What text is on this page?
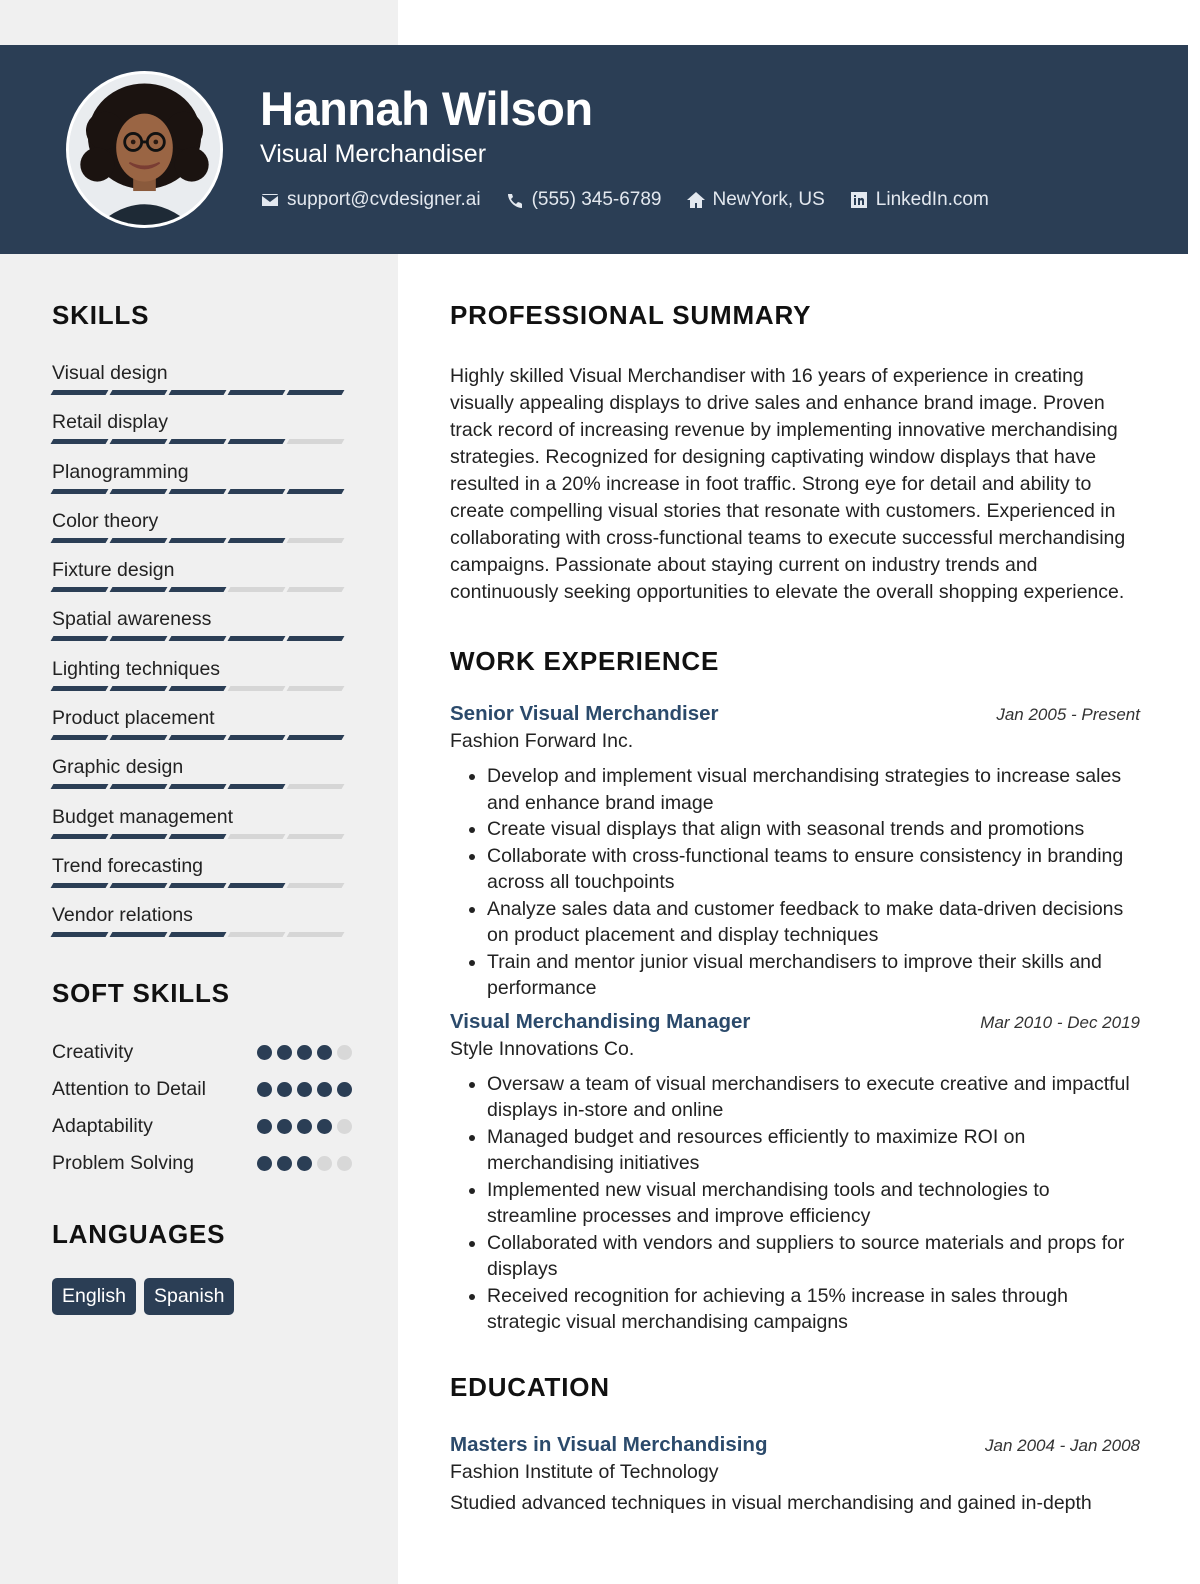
Hannah Wilson
Visual Merchandiser
support@cvdesigner.ai	(555) 345-6789	NewYork, US	LinkedIn.com
SKILLS
Visual design
Retail display
Planogramming
Color theory
Fixture design
Spatial awareness
Lighting techniques
Product placement
Graphic design
Budget management
Trend forecasting
Vendor relations
SOFT SKILLS
Creativity
Attention to Detail
Adaptability
Problem Solving
LANGUAGES
English	Spanish
PROFESSIONAL SUMMARY

Highly skilled Visual Merchandiser with 16 years of experience in creating visually appealing displays to drive sales and enhance brand image. Proven track record of increasing revenue by implementing innovative merchandising strategies. Recognized for designing captivating window displays that have resulted in a 20% increase in foot traffic. Strong eye for detail and ability to create compelling visual stories that resonate with customers. Experienced in collaborating with cross-functional teams to execute successful merchandising campaigns. Passionate about staying current on industry trends and continuously seeking opportunities to elevate the overall shopping experience.

WORK EXPERIENCE
Senior Visual Merchandiser	Jan 2005 - Present
Fashion Forward Inc.
• Develop and implement visual merchandising strategies to increase sales and enhance brand image
• Create visual displays that align with seasonal trends and promotions
• Collaborate with cross-functional teams to ensure consistency in branding across all touchpoints
• Analyze sales data and customer feedback to make data-driven decisions on product placement and display techniques
• Train and mentor junior visual merchandisers to improve their skills and performance
Visual Merchandising Manager	Mar 2010 - Dec 2019
Style Innovations Co.
• Oversaw a team of visual merchandisers to execute creative and impactful displays in-store and online
• Managed budget and resources efficiently to maximize ROI on merchandising initiatives
• Implemented new visual merchandising tools and technologies to streamline processes and improve efficiency
• Collaborated with vendors and suppliers to source materials and props for displays
• Received recognition for achieving a 15% increase in sales through strategic visual merchandising campaigns
EDUCATION
Masters in Visual Merchandising	Jan 2004 - Jan 2008
Fashion Institute of Technology

Studied advanced techniques in visual merchandising and gained in-depth
